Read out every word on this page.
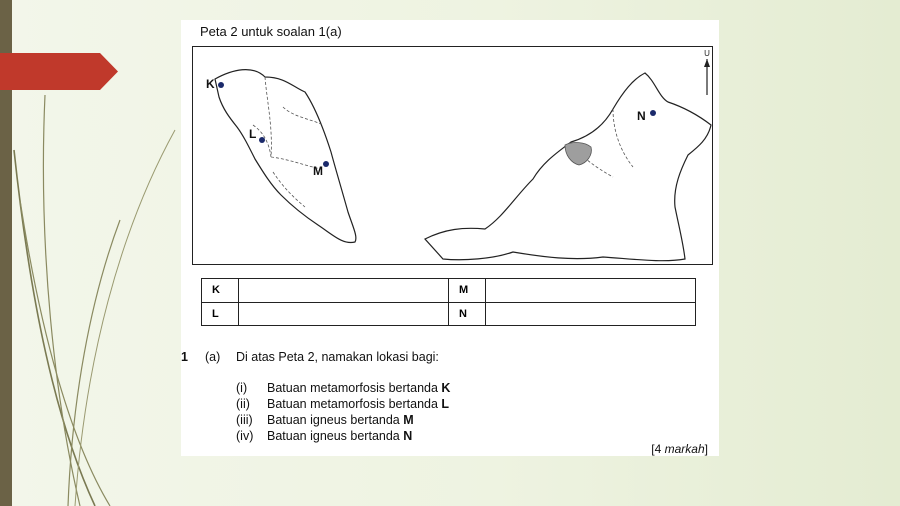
Peta 2 untuk soalan 1(a)
U
K
L
M
N
K		M	
L		N	
1 (a) Di atas Peta 2, namakan lokasi bagi:
(i) Batuan metamorfosis bertanda K
(ii) Batuan metamorfosis bertanda L
(iii) Batuan igneus bertanda M
(iv) Batuan igneus bertanda N
[4 markah]
